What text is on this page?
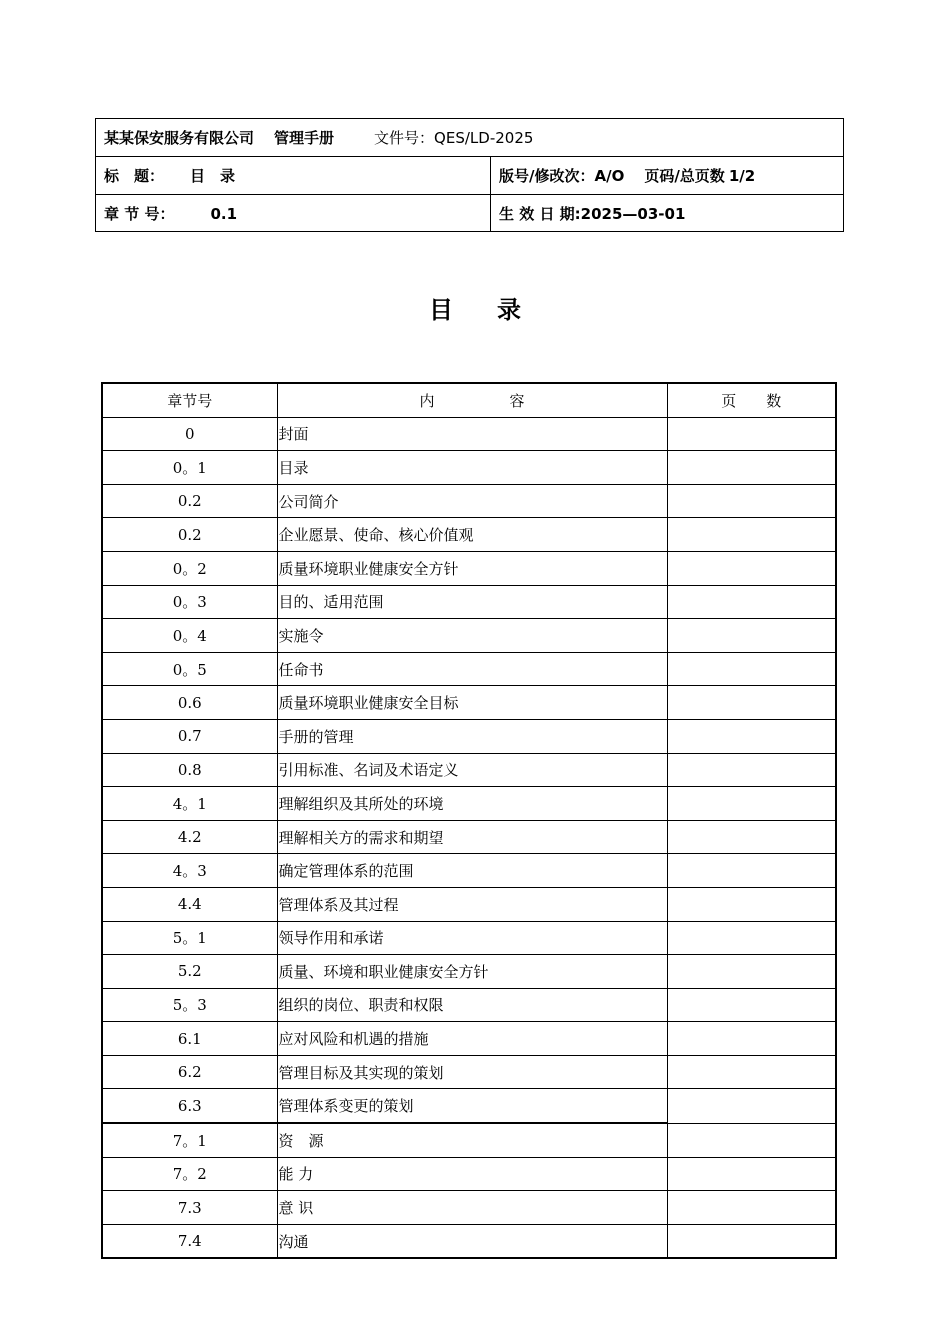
某某保安服务有限公司 管理手册 文件号：QES/LD-2025	
标　题： 目　录	版号/修改次：A/O 页码/总页数 1/2
章 节 号： 0.1	生 效 日 期:2025—03-01
目录
章节号	内　　　　　容	页　　数
0	封面	
0。1	目录	
0.2	公司简介	
0.2	企业愿景、使命、核心价值观	
0。2	质量环境职业健康安全方针	
0。3	目的、适用范围	
0。4	实施令	
0。5	任命书	
0.6	质量环境职业健康安全目标	
0.7	手册的管理	
0.8	引用标准、名词及术语定义	
4。1	理解组织及其所处的环境	
4.2	理解相关方的需求和期望	
4。3	确定管理体系的范围	
4.4	管理体系及其过程	
5。1	领导作用和承诺	
5.2	质量、环境和职业健康安全方针	
5。3	组织的岗位、职责和权限	
6.1	应对风险和机遇的措施	
6.2	管理目标及其实现的策划	
6.3	管理体系变更的策划	
7。1	资　源	
7。2	能 力	
7.3	意 识	
7.4	沟通	
